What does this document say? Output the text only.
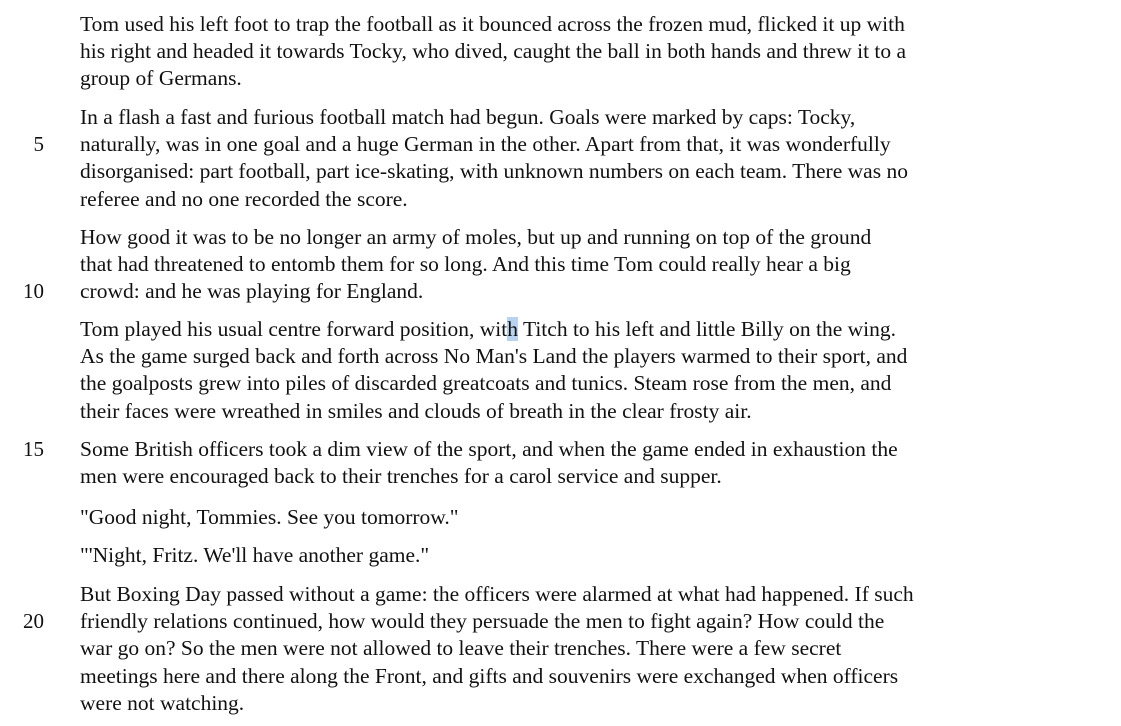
Tom used his left foot to trap the football as it bounced across the frozen mud, flicked it up with
his right and headed it towards Tocky, who dived, caught the ball in both hands and threw it to a
group of Germans.

In a flash a fast and furious football match had begun. Goals were marked by caps: Tocky,
naturally, was in one goal and a huge German in the other. Apart from that, it was wonderfully
disorganised: part football, part ice-skating, with unknown numbers on each team. There was no
referee and no one recorded the score.

How good it was to be no longer an army of moles, but up and running on top of the ground
that had threatened to entomb them for so long. And this time Tom could really hear a big
crowd: and he was playing for England.

Tom played his usual centre forward position, with Titch to his left and little Billy on the wing.
As the game surged back and forth across No Man's Land the players warmed to their sport, and
the goalposts grew into piles of discarded greatcoats and tunics. Steam rose from the men, and
their faces were wreathed in smiles and clouds of breath in the clear frosty air.

Some British officers took a dim view of the sport, and when the game ended in exhaustion the
men were encouraged back to their trenches for a carol service and supper.

"Good night, Tommies. See you tomorrow."

"'Night, Fritz. We'll have another game."

But Boxing Day passed without a game: the officers were alarmed at what had happened. If such
friendly relations continued, how would they persuade the men to fight again? How could the
war go on? So the men were not allowed to leave their trenches. There were a few secret
meetings here and there along the Front, and gifts and souvenirs were exchanged when officers
were not watching.

5
10
15
20
